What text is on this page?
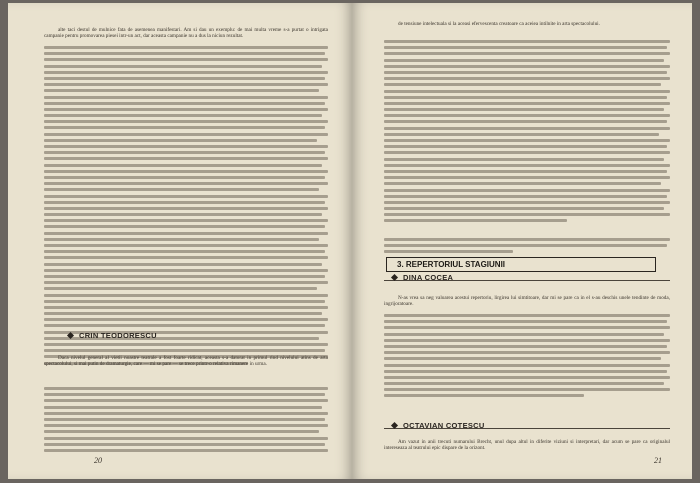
alte taci destul de mulnice fata de asemenea manifestari. Am si dau un exemplu: de mai multa vreme s-a purtat o intrigata campanie pentru promovarea piesei intr-un act, dar aceasta campanie nu a dus la niciun rezultat.

CRIN TEODORESCU

Daca nivelul general al vietii noastre teatrale a fost foarte ridicat, aceasta s-a datorat in primul rind nivelului atins de arta spectacolului, si mai putin de dramaturgie, care — mi se pare — se trece printr-o relativa rimanere in urma.

20

de tensiune intelectuala si la aceasi efervescenta creatoare ca aceiea intilnite in arta spectacolului.

3. REPERTORIUL STAGIUNII
DINA COCEA

N-as vrea sa neg valoarea acestui repertoriu, lirgirea lui simtitoare, dar mi se pare ca in el s-au deschis unele tendinte de moda, ingrijoratoare.

OCTAVIAN COTESCU

Am vazut in anii trecuti numarului Brecht, unul dupa altul in diferite viziuni si interpretari, dar acum se pare ca originalul intereseaza al teatrului epic dispare de la orizont.

21
